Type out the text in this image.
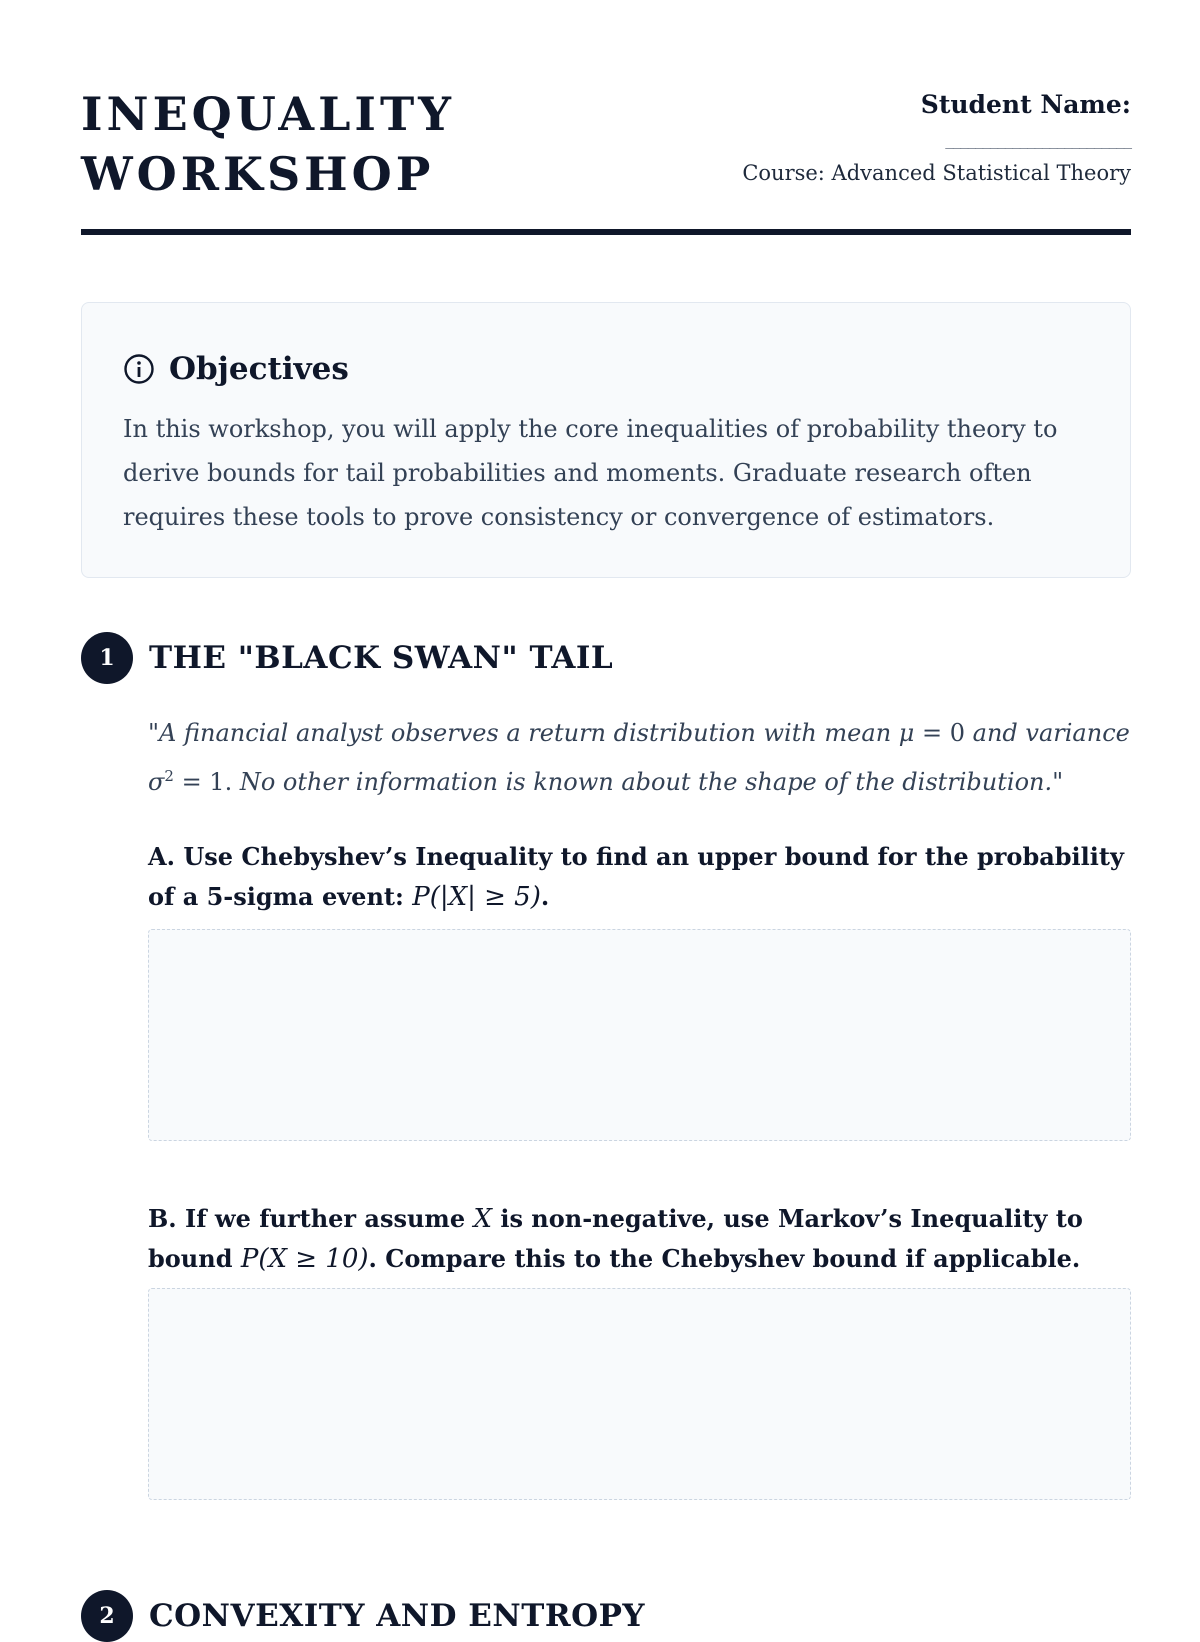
INEQUALITY
WORKSHOP
Student Name:
_________________________
Course: Advanced Statistical Theory
Objectives
In this workshop, you will apply the core inequalities of probability theory to derive bounds for tail probabilities and moments. Graduate research often requires these tools to prove consistency or convergence of estimators.
1	THE "BLACK SWAN" TAIL
"A financial analyst observes a return distribution with mean μ = 0 and variance $\sigma^2 = 1$. No other information is known about the shape of the distribution."
A. Use Chebyshev’s Inequality to find an upper bound for the probability of a 5-sigma event: P(|X| ≥ 5).
B. If we further assume X is non-negative, use Markov’s Inequality to bound P(X ≥ 10). Compare this to the Chebyshev bound if applicable.
2	CONVEXITY AND ENTROPY
